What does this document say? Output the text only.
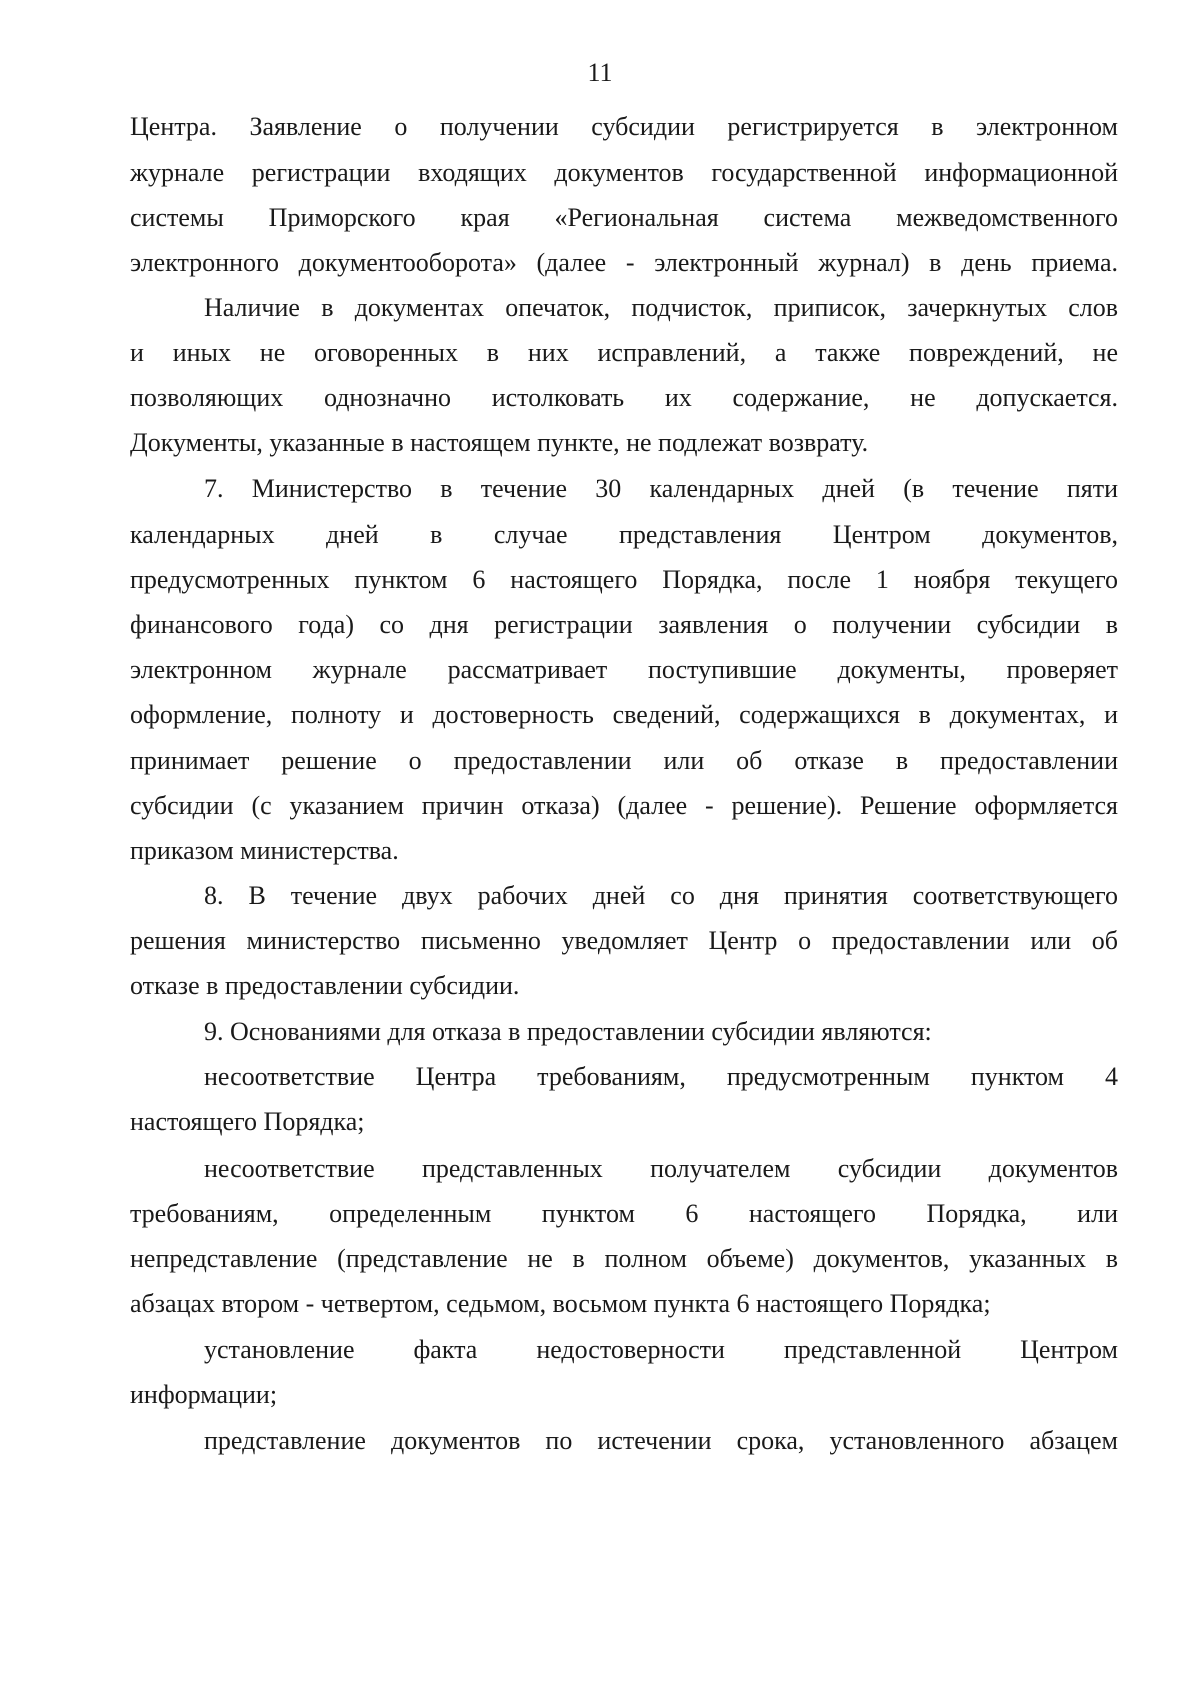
11
Центра. Заявление о получении субсидии регистрируется в электронном
журнале регистрации входящих документов государственной информационной
системы Приморского края «Региональная система межведомственного
электронного документооборота» (далее - электронный журнал) в день приема.
Наличие в документах опечаток, подчисток, приписок, зачеркнутых слов
и иных не оговоренных в них исправлений, а также повреждений, не
позволяющих однозначно истолковать их содержание, не допускается.
Документы, указанные в настоящем пункте, не подлежат возврату.
7. Министерство в течение 30 календарных дней (в течение пяти
календарных дней в случае представления Центром документов,
предусмотренных пунктом 6 настоящего Порядка, после 1 ноября текущего
финансового года) со дня регистрации заявления о получении субсидии в
электронном журнале рассматривает поступившие документы, проверяет
оформление, полноту и достоверность сведений, содержащихся в документах, и
принимает решение о предоставлении или об отказе в предоставлении
субсидии (с указанием причин отказа) (далее - решение). Решение оформляется
приказом министерства.
8. В течение двух рабочих дней со дня принятия соответствующего
решения министерство письменно уведомляет Центр о предоставлении или об
отказе в предоставлении субсидии.
9. Основаниями для отказа в предоставлении субсидии являются:
несоответствие Центра требованиям, предусмотренным пунктом 4
настоящего Порядка;
несоответствие представленных получателем субсидии документов
требованиям, определенным пунктом 6 настоящего Порядка, или
непредставление (представление не в полном объеме) документов, указанных в
абзацах втором - четвертом, седьмом, восьмом пункта 6 настоящего Порядка;
установление факта недостоверности представленной Центром
информации;
представление документов по истечении срока, установленного абзацем
